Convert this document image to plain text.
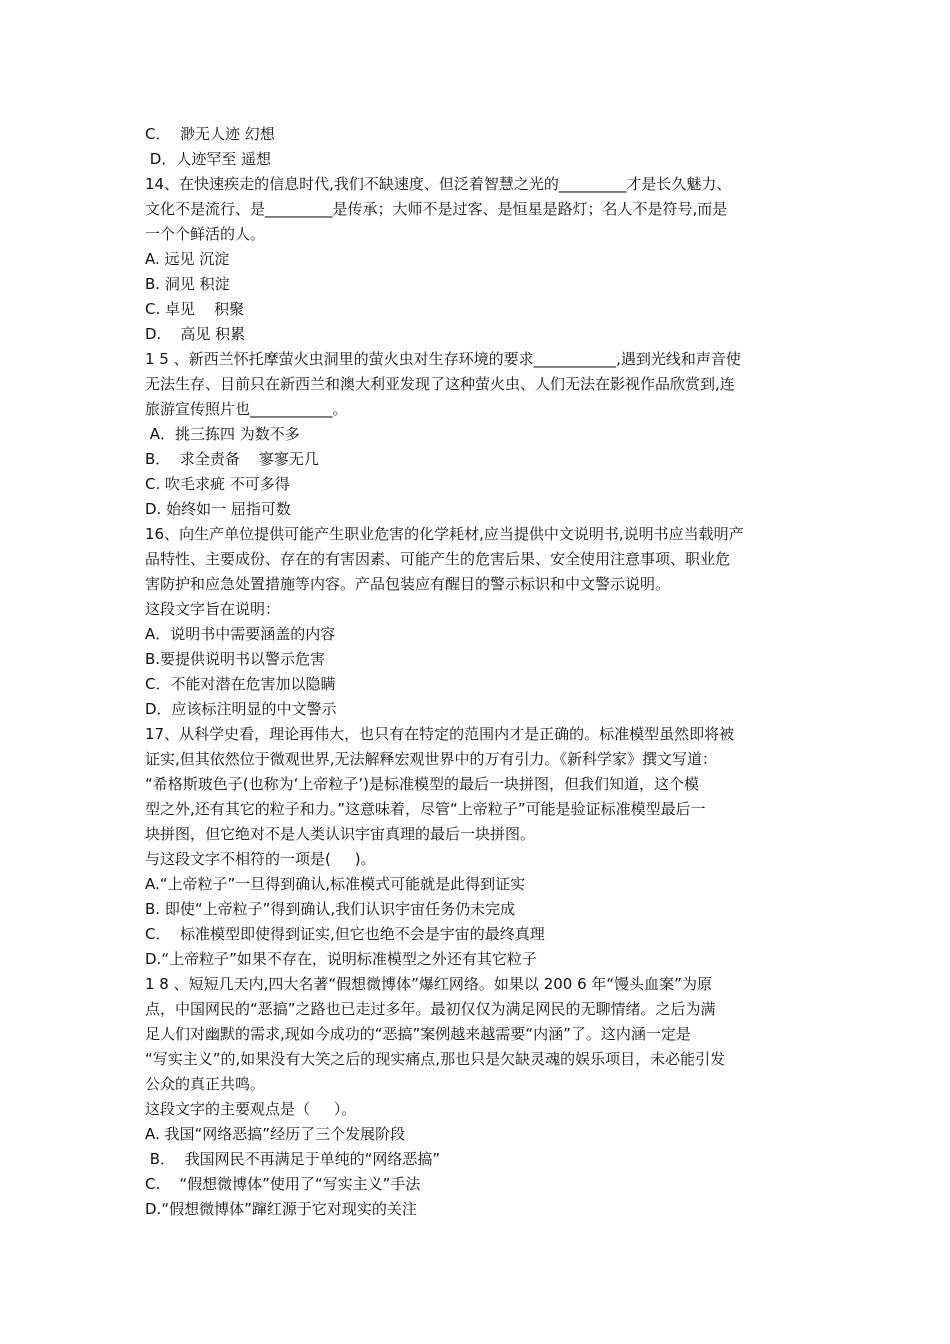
C．  渺无人迹 幻想
D．人迹罕至 遥想
14、在快速疾走的信息时代,我们不缺速度、但泛着智慧之光的_________才是长久魅力、
文化不是流行、是_________是传承；大师不是过客、是恒星是路灯；名人不是符号,而是
一个个鲜活的人。
A. 远见 沉淀
B. 洞见 积淀
C. 卓见    积聚
D.    高见 积累
1 5 、新西兰怀托摩萤火虫洞里的萤火虫对生存环境的要求___________,遇到光线和声音使
无法生存、目前只在新西兰和澳大利亚发现了这种萤火虫、人们无法在影视作品欣赏到,连
旅游宣传照片也___________。
A．挑三拣四 为数不多
B．  求全责备    寥寥无几
C. 吹毛求疵 不可多得
D. 始终如一 屈指可数
16、向生产单位提供可能产生职业危害的化学耗材,应当提供中文说明书,说明书应当载明产
品特性、主要成份、存在的有害因素、可能产生的危害后果、安全使用注意事项、职业危
害防护和应急处置措施等内容。产品包装应有醒目的警示标识和中文警示说明。
这段文字旨在说明：
A．说明书中需要涵盖的内容
B.要提供说明书以警示危害
C．不能对潜在危害加以隐瞒
D．应该标注明显的中文警示
17、从科学史看，理论再伟大，也只有在特定的范围内才是正确的。标准模型虽然即将被
证实,但其依然位于微观世界,无法解释宏观世界中的万有引力。《新科学家》撰文写道：
“希格斯玻色子(也称为‘上帝粒子’)是标准模型的最后一块拼图，但我们知道，这个模
型之外,还有其它的粒子和力。”这意味着，尽管“上帝粒子”可能是验证标准模型最后一
块拼图，但它绝对不是人类认识宇宙真理的最后一块拼图。
与这段文字不相符的一项是(     )。
A.“上帝粒子”一旦得到确认,标准模式可能就是此得到证实
B. 即使“上帝粒子”得到确认,我们认识宇宙任务仍未完成
C．  标准模型即使得到证实,但它也绝不会是宇宙的最终真理
D.“上帝粒子”如果不存在，说明标准模型之外还有其它粒子
1 8 、短短几天内,四大名著“假想微博体”爆红网络。如果以 200 6 年“馒头血案”为原
点，中国网民的“恶搞”之路也已走过多年。最初仅仅为满足网民的无聊情绪。之后为满
足人们对幽默的需求,现如今成功的“恶搞”案例越来越需要“内涵”了。这内涵一定是
“写实主义”的,如果没有大笑之后的现实痛点,那也只是欠缺灵魂的娱乐项目，未必能引发
公众的真正共鸣。
这段文字的主要观点是（     ）。
A. 我国“网络恶搞”经历了三个发展阶段
B．  我国网民不再满足于单纯的“网络恶搞”
C.    “假想微博体”使用了“写实主义”手法
D.“假想微博体”蹿红源于它对现实的关注
